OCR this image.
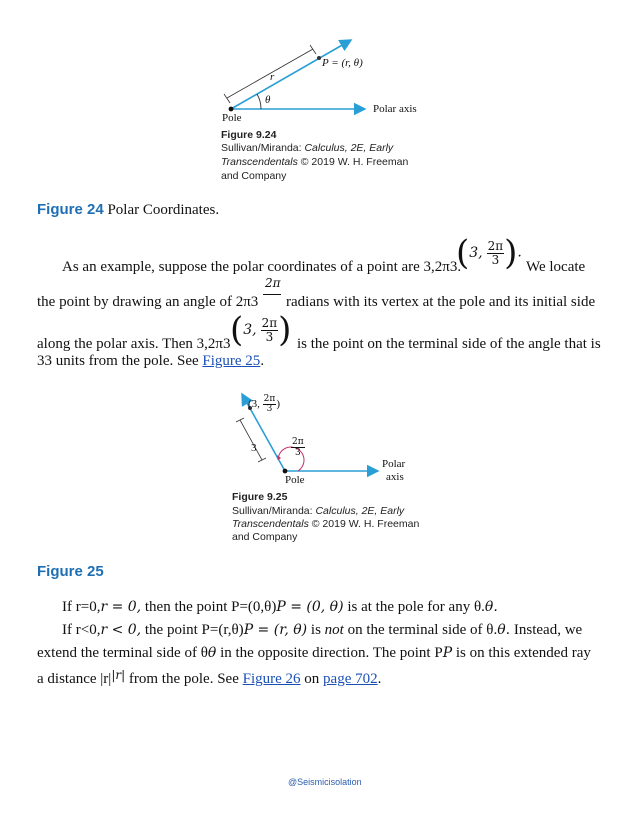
P = (r, θ)
r
θ
Pole
Polar axis
Figure 9.24
Sullivan/Miranda: Calculus, 2E, Early
Transcendentals © 2019 W. H. Freeman
and Company
Figure 24 Polar Coordinates.
As an example, suppose the polar coordinates of a point are 3,2π3.
(3, $\frac{2\pi}{3}$ ).
We locate
2π
the point by drawing an angle of 2π3 radians with its vertex at the pole and its initial side
along the polar axis. Then 3,2π3 (3, $\frac{2\pi}{3}$ ) is the point on the terminal side of the angle that is
33 units from the pole. See Figure 25.
(3, $\frac{2\pi}{3}$ )
3	$\frac{2\pi}{3}$
Pole
Polar
axis
Figure 9.25
Sullivan/Miranda: Calculus, 2E, Early
Transcendentals © 2019 W. H. Freeman
and Company
Figure 25
If r=0,r = 0, then the point P=(0,θ)P = (0, θ) is at the pole for any θ.θ.
If r<0,r < 0, the point P=(r,θ)P = (r, θ) is not on the terminal side of θ.θ. Instead, we
extend the terminal side of θθ in the opposite direction. The point PP is on this extended ray
a distance $|r|^{|r|}$ from the pole. See Figure 26 on page 702.
@Seismicisolation
